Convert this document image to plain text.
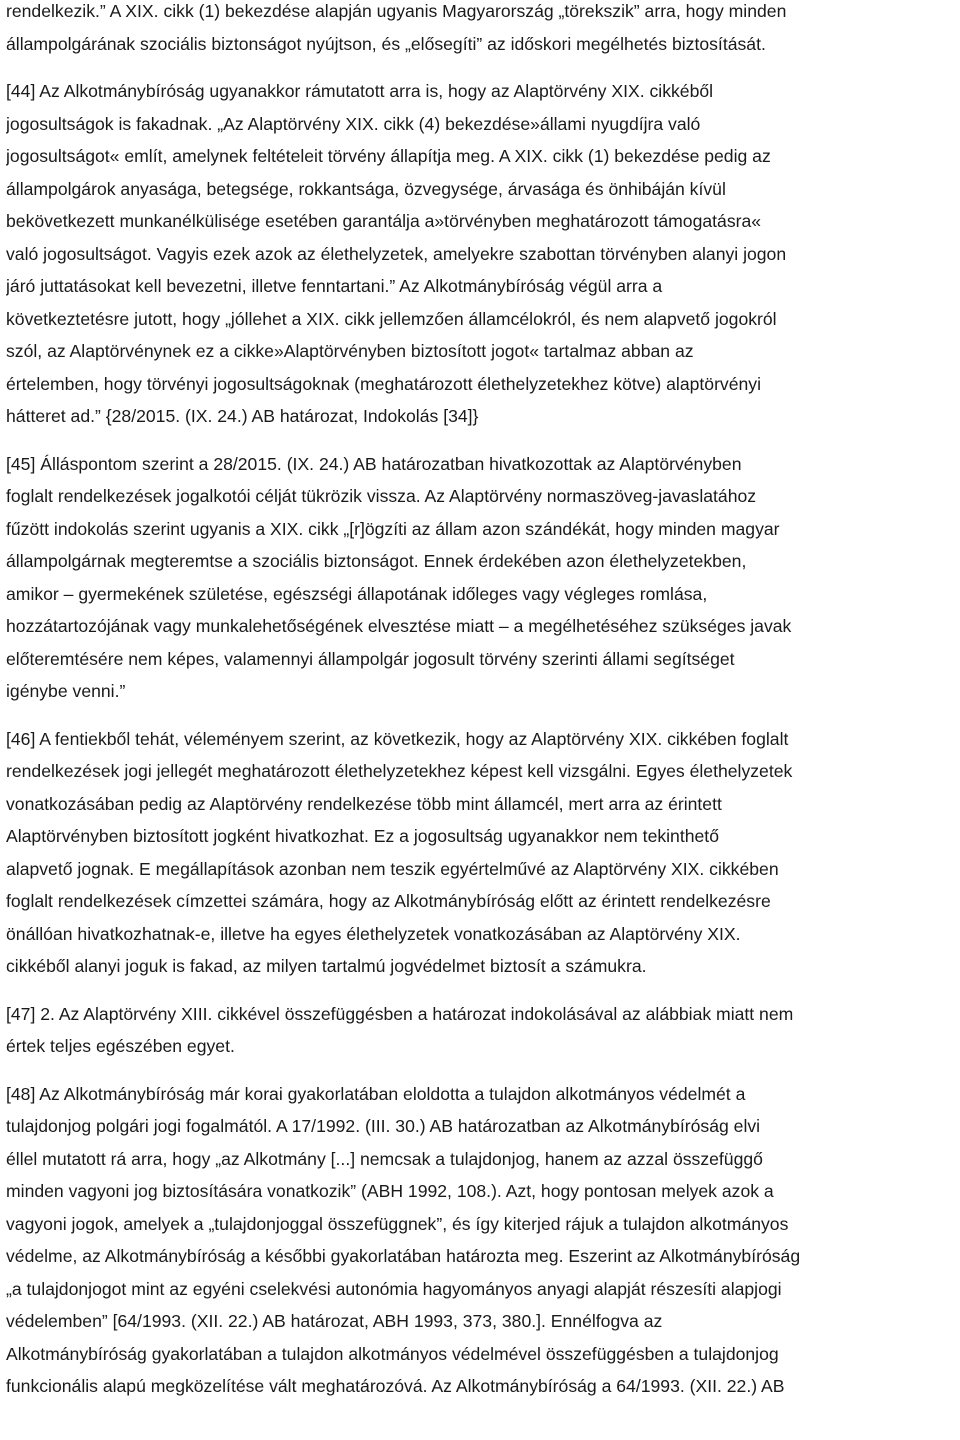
rendelkezik.” A XIX. cikk (1) bekezdése alapján ugyanis Magyarország „törekszik” arra, hogy minden
állampolgárának szociális biztonságot nyújtson, és „elősegíti” az időskori megélhetés biztosítását.
[44] Az Alkotmánybíróság ugyanakkor rámutatott arra is, hogy az Alaptörvény XIX. cikkéből
jogosultságok is fakadnak. „Az Alaptörvény XIX. cikk (4) bekezdése»állami nyugdíjra való
jogosultságot« említ, amelynek feltételeit törvény állapítja meg. A XIX. cikk (1) bekezdése pedig az
állampolgárok anyasága, betegsége, rokkantsága, özvegysége, árvasága és önhibáján kívül
bekövetkezett munkanélkülisége esetében garantálja a»törvényben meghatározott támogatásra«
való jogosultságot. Vagyis ezek azok az élethelyzetek, amelyekre szabottan törvényben alanyi jogon
járó juttatásokat kell bevezetni, illetve fenntartani.” Az Alkotmánybíróság végül arra a
következtetésre jutott, hogy „jóllehet a XIX. cikk jellemzően államcélokról, és nem alapvető jogokról
szól, az Alaptörvénynek ez a cikke»Alaptörvényben biztosított jogot« tartalmaz abban az
értelemben, hogy törvényi jogosultságoknak (meghatározott élethelyzetekhez kötve) alaptörvényi
hátteret ad.” {28/2015. (IX. 24.) AB határozat, Indokolás [34]}
[45] Álláspontom szerint a 28/2015. (IX. 24.) AB határozatban hivatkozottak az Alaptörvényben
foglalt rendelkezések jogalkotói célját tükrözik vissza. Az Alaptörvény normaszöveg-javaslatához
fűzött indokolás szerint ugyanis a XIX. cikk „[r]ögzíti az állam azon szándékát, hogy minden magyar
állampolgárnak megteremtse a szociális biztonságot. Ennek érdekében azon élethelyzetekben,
amikor – gyermekének születése, egészségi állapotának időleges vagy végleges romlása,
hozzátartozójának vagy munkalehetőségének elvesztése miatt – a megélhetéséhez szükséges javak
előteremtésére nem képes, valamennyi állampolgár jogosult törvény szerinti állami segítséget
igénybe venni.”
[46] A fentiekből tehát, véleményem szerint, az következik, hogy az Alaptörvény XIX. cikkében foglalt
rendelkezések jogi jellegét meghatározott élethelyzetekhez képest kell vizsgálni. Egyes élethelyzetek
vonatkozásában pedig az Alaptörvény rendelkezése több mint államcél, mert arra az érintett
Alaptörvényben biztosított jogként hivatkozhat. Ez a jogosultság ugyanakkor nem tekinthető
alapvető jognak. E megállapítások azonban nem teszik egyértelművé az Alaptörvény XIX. cikkében
foglalt rendelkezések címzettei számára, hogy az Alkotmánybíróság előtt az érintett rendelkezésre
önállóan hivatkozhatnak-e, illetve ha egyes élethelyzetek vonatkozásában az Alaptörvény XIX.
cikkéből alanyi joguk is fakad, az milyen tartalmú jogvédelmet biztosít a számukra.
[47] 2. Az Alaptörvény XIII. cikkével összefüggésben a határozat indokolásával az alábbiak miatt nem
értek teljes egészében egyet.
[48] Az Alkotmánybíróság már korai gyakorlatában eloldotta a tulajdon alkotmányos védelmét a
tulajdonjog polgári jogi fogalmától. A 17/1992. (III. 30.) AB határozatban az Alkotmánybíróság elvi
éllel mutatott rá arra, hogy „az Alkotmány [...] nemcsak a tulajdonjog, hanem az azzal összefüggő
minden vagyoni jog biztosítására vonatkozik” (ABH 1992, 108.). Azt, hogy pontosan melyek azok a
vagyoni jogok, amelyek a „tulajdonjoggal összefüggnek”, és így kiterjed rájuk a tulajdon alkotmányos
védelme, az Alkotmánybíróság a későbbi gyakorlatában határozta meg. Eszerint az Alkotmánybíróság
„a tulajdonjogot mint az egyéni cselekvési autonómia hagyományos anyagi alapját részesíti alapjogi
védelemben” [64/1993. (XII. 22.) AB határozat, ABH 1993, 373, 380.]. Ennélfogva az
Alkotmánybíróság gyakorlatában a tulajdon alkotmányos védelmével összefüggésben a tulajdonjog
funkcionális alapú megközelítése vált meghatározóvá. Az Alkotmánybíróság a 64/1993. (XII. 22.) AB
